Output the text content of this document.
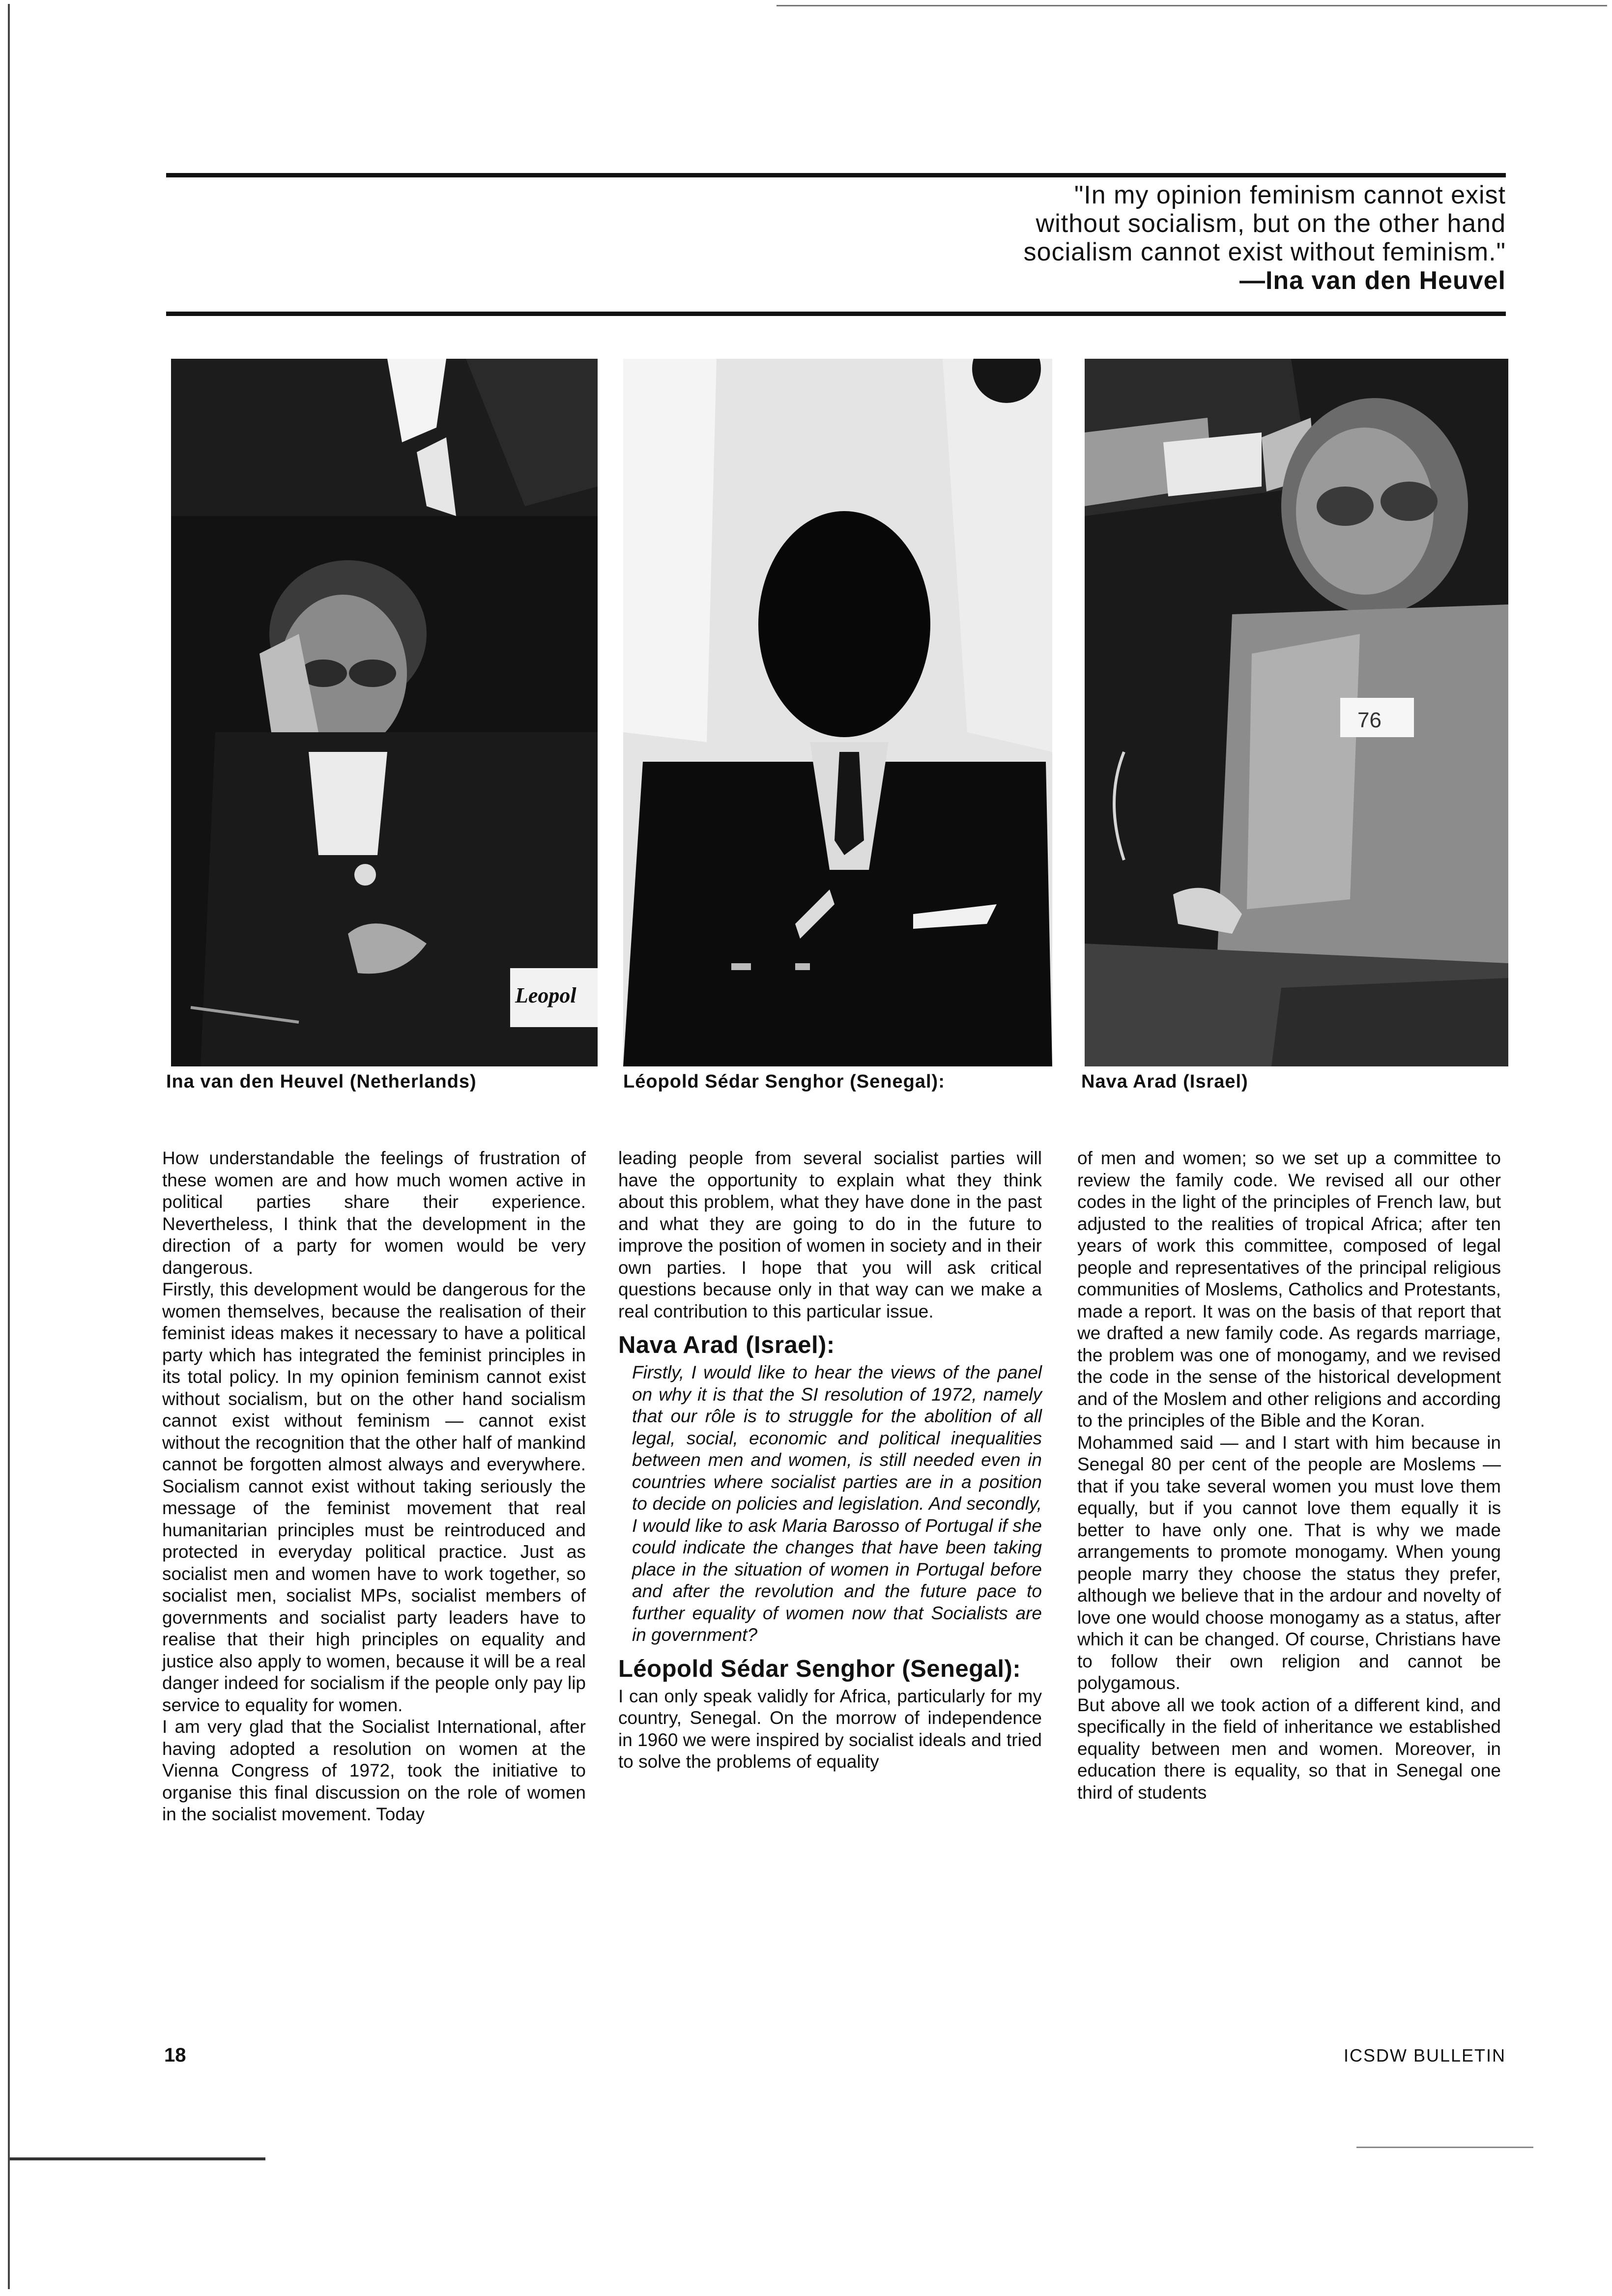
"In my opinion feminism cannot exist
without socialism, but on the other hand
socialism cannot exist without feminism."
—Ina van den Heuvel
Leopol
76
Ina van den Heuvel (Netherlands)	Léopold Sédar Senghor (Senegal):	Nava Arad (Israel)

How understandable the feelings of frustration of these women are and how much women active in political parties share their experience. Nevertheless, I think that the development in the direction of a party for women would be very dangerous.

Firstly, this development would be dangerous for the women themselves, because the realisation of their feminist ideas makes it necessary to have a political party which has integrated the feminist principles in its total policy. In my opinion feminism cannot exist without socialism, but on the other hand socialism cannot exist without feminism — cannot exist without the recognition that the other half of mankind cannot be forgotten almost always and everywhere. Socialism cannot exist without taking seriously the message of the feminist movement that real humanitarian principles must be reintroduced and protected in everyday political practice. Just as socialist men and women have to work together, so socialist men, socialist MPs, socialist members of governments and socialist party leaders have to realise that their high principles on equality and justice also apply to women, because it will be a real danger indeed for socialism if the people only pay lip service to equality for women.

I am very glad that the Socialist International, after having adopted a resolution on women at the Vienna Congress of 1972, took the initiative to organise this final discussion on the role of women in the socialist movement. Today

leading people from several socialist parties will have the opportunity to explain what they think about this problem, what they have done in the past and what they are going to do in the future to improve the position of women in society and in their own parties. I hope that you will ask critical questions because only in that way can we make a real contribution to this particular issue.

Nava Arad (Israel):

Firstly, I would like to hear the views of the panel on why it is that the SI resolution of 1972, namely that our rôle is to struggle for the abolition of all legal, social, economic and political inequalities between men and women, is still needed even in countries where socialist parties are in a position to decide on policies and legislation. And secondly, I would like to ask Maria Barosso of Portugal if she could indicate the changes that have been taking place in the situation of women in Portugal before and after the revolution and the future pace to further equality of women now that Socialists are in government?

Léopold Sédar Senghor (Senegal):

I can only speak validly for Africa, particularly for my country, Senegal. On the morrow of independence in 1960 we were inspired by socialist ideals and tried to solve the problems of equality

of men and women; so we set up a committee to review the family code. We revised all our other codes in the light of the principles of French law, but adjusted to the realities of tropical Africa; after ten years of work this committee, composed of legal people and representatives of the principal religious communities of Moslems, Catholics and Protestants, made a report. It was on the basis of that report that we drafted a new family code. As regards marriage, the problem was one of monogamy, and we revised the code in the sense of the historical development and of the Moslem and other religions and according to the principles of the Bible and the Koran.

Mohammed said — and I start with him because in Senegal 80 per cent of the people are Moslems — that if you take several women you must love them equally, but if you cannot love them equally it is better to have only one. That is why we made arrangements to promote monogamy. When young people marry they choose the status they prefer, although we believe that in the ardour and novelty of love one would choose monogamy as a status, after which it can be changed. Of course, Christians have to follow their own religion and cannot be polygamous.

But above all we took action of a different kind, and specifically in the field of inheritance we established equality between men and women. Moreover, in education there is equality, so that in Senegal one third of students

18	ICSDW BULLETIN
